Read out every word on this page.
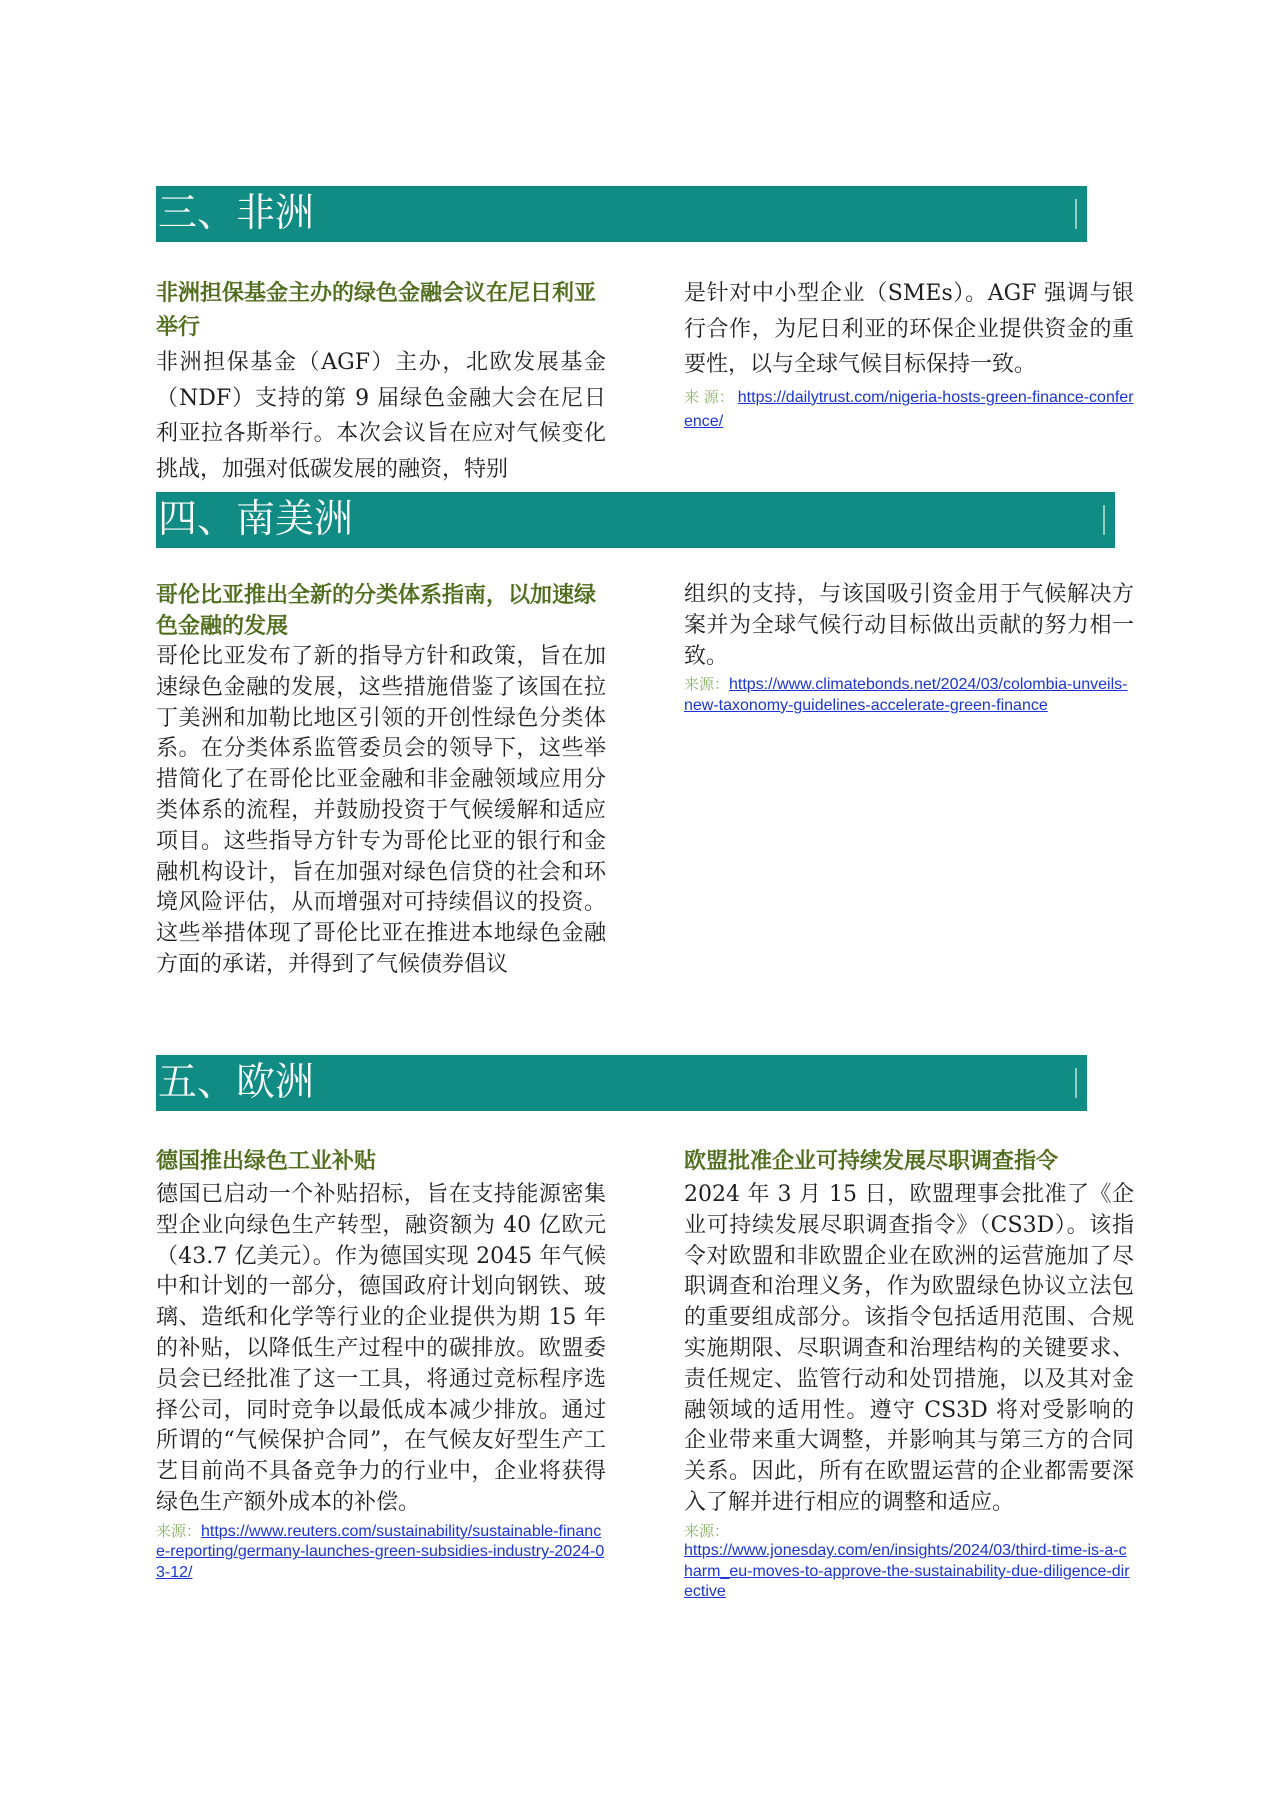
三、非洲

非洲担保基金主办的绿色金融会议在尼日利亚举行

非洲担保基金（AGF）主办，北欧发展基金（NDF）支持的第 9 届绿色金融大会在尼日利亚拉各斯举行。本次会议旨在应对气候变化挑战，加强对低碳发展的融资，特别

是针对中小型企业（SMEs）。AGF 强调与银行合作，为尼日利亚的环保企业提供资金的重要性，以与全球气候目标保持一致。

来 源： https://dailytrust.com/nigeria-hosts-green-finance-conference/

四、南美洲

哥伦比亚推出全新的分类体系指南，以加速绿色金融的发展

哥伦比亚发布了新的指导方针和政策，旨在加速绿色金融的发展，这些措施借鉴了该国在拉丁美洲和加勒比地区引领的开创性绿色分类体系。在分类体系监管委员会的领导下，这些举措简化了在哥伦比亚金融和非金融领域应用分类体系的流程，并鼓励投资于气候缓解和适应项目。这些指导方针专为哥伦比亚的银行和金融机构设计，旨在加强对绿色信贷的社会和环境风险评估，从而增强对可持续倡议的投资。这些举措体现了哥伦比亚在推进本地绿色金融方面的承诺，并得到了气候债券倡议

组织的支持，与该国吸引资金用于气候解决方案并为全球气候行动目标做出贡献的努力相一致。

来源：https://www.climatebonds.net/2024/03/colombia-unveils-new-taxonomy-guidelines-accelerate-green-finance

五、欧洲

德国推出绿色工业补贴

德国已启动一个补贴招标，旨在支持能源密集型企业向绿色生产转型，融资额为 40 亿欧元（43.7 亿美元）。作为德国实现 2045 年气候中和计划的一部分，德国政府计划向钢铁、玻璃、造纸和化学等行业的企业提供为期 15 年的补贴，以降低生产过程中的碳排放。欧盟委员会已经批准了这一工具，将通过竞标程序选择公司，同时竞争以最低成本减少排放。通过所谓的“气候保护合同”，在气候友好型生产工艺目前尚不具备竞争力的行业中，企业将获得绿色生产额外成本的补偿。

来源：https://www.reuters.com/sustainability/sustainable-finance-reporting/germany-launches-green-subsidies-industry-2024-03-12/

欧盟批准企业可持续发展尽职调查指令

2024 年 3 月 15 日，欧盟理事会批准了《企业可持续发展尽职调查指令》（CS3D）。该指令对欧盟和非欧盟企业在欧洲的运营施加了尽职调查和治理义务，作为欧盟绿色协议立法包的重要组成部分。该指令包括适用范围、合规实施期限、尽职调查和治理结构的关键要求、责任规定、监管行动和处罚措施，以及其对金融领域的适用性。遵守 CS3D 将对受影响的企业带来重大调整，并影响其与第三方的合同关系。因此，所有在欧盟运营的企业都需要深入了解并进行相应的调整和适应。

来源：
https://www.jonesday.com/en/insights/2024/03/third-time-is-a-charm_eu-moves-to-approve-the-sustainability-due-diligence-directive
